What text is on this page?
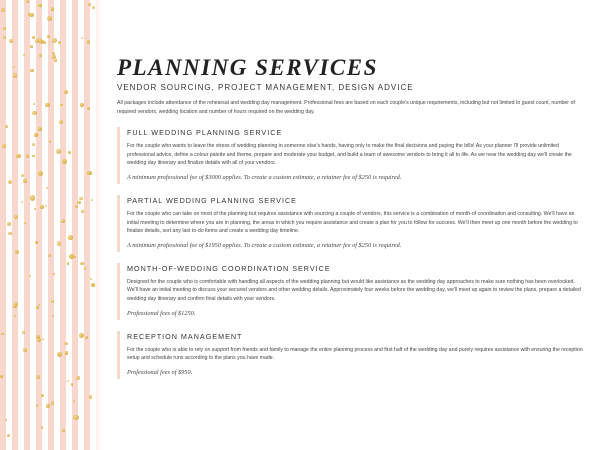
PLANNING SERVICES
VENDOR SOURCING, PROJECT MANAGEMENT, DESIGN ADVICE
All packages include attendance of the rehearsal and wedding day management. Professional fees are based on each couple's unique requirements, including but not limited to guest count, number of required vendors, wedding location and number of hours required on the wedding day.
FULL WEDDING PLANNING SERVICE
For the couple who wants to leave the stress of wedding planning in someone else's hands, having only to make the final decisions and paying the bills! As your planner I'll provide unlimited professional advice, define a colour palette and theme, prepare and moderate your budget, and build a team of awesome vendors to bring it all to life. As we near the wedding day we'll create the wedding day itinerary and finalize details with all of your vendors.
A minimum professional fee of $3000 applies. To create a custom estimate, a retainer fee of $250 is required.
PARTIAL WEDDING PLANNING SERVICE
For the couple who can take on most of the planning but requires assistance with sourcing a couple of vendors, this service is a combination of month-of coordination and consulting. We'll have an initial meeting to determine where you are in planning, the areas in which you require assistance and create a plan for you to follow for success. We'll then meet up one month before the wedding to finalize details, sort any last to-do items and create a wedding day timeline.
A minimum professional fee of $1950 applies. To create a custom estimate, a retainer fee of $250 is required.
MONTH-OF-WEDDING COORDINATION SERVICE
Designed for the couple who is comfortable with handling all aspects of the wedding planning but would like assistance as the wedding day approaches to make sure nothing has been overlooked. We'll have an initial meeting to discuss your secured vendors and other wedding details. Approximately four weeks before the wedding day, we'll meet up again to review the plans, prepare a detailed wedding day itinerary and confirm final details with your vendors.
Professional fees of $1250.
RECEPTION MANAGEMENT
For the couple who is able to rely on support from friends and family to manage the entire planning process and first half of the wedding day and purely requires assistance with ensuring the reception setup and schedule runs according to the plans you have made.
Professional fees of $950.
